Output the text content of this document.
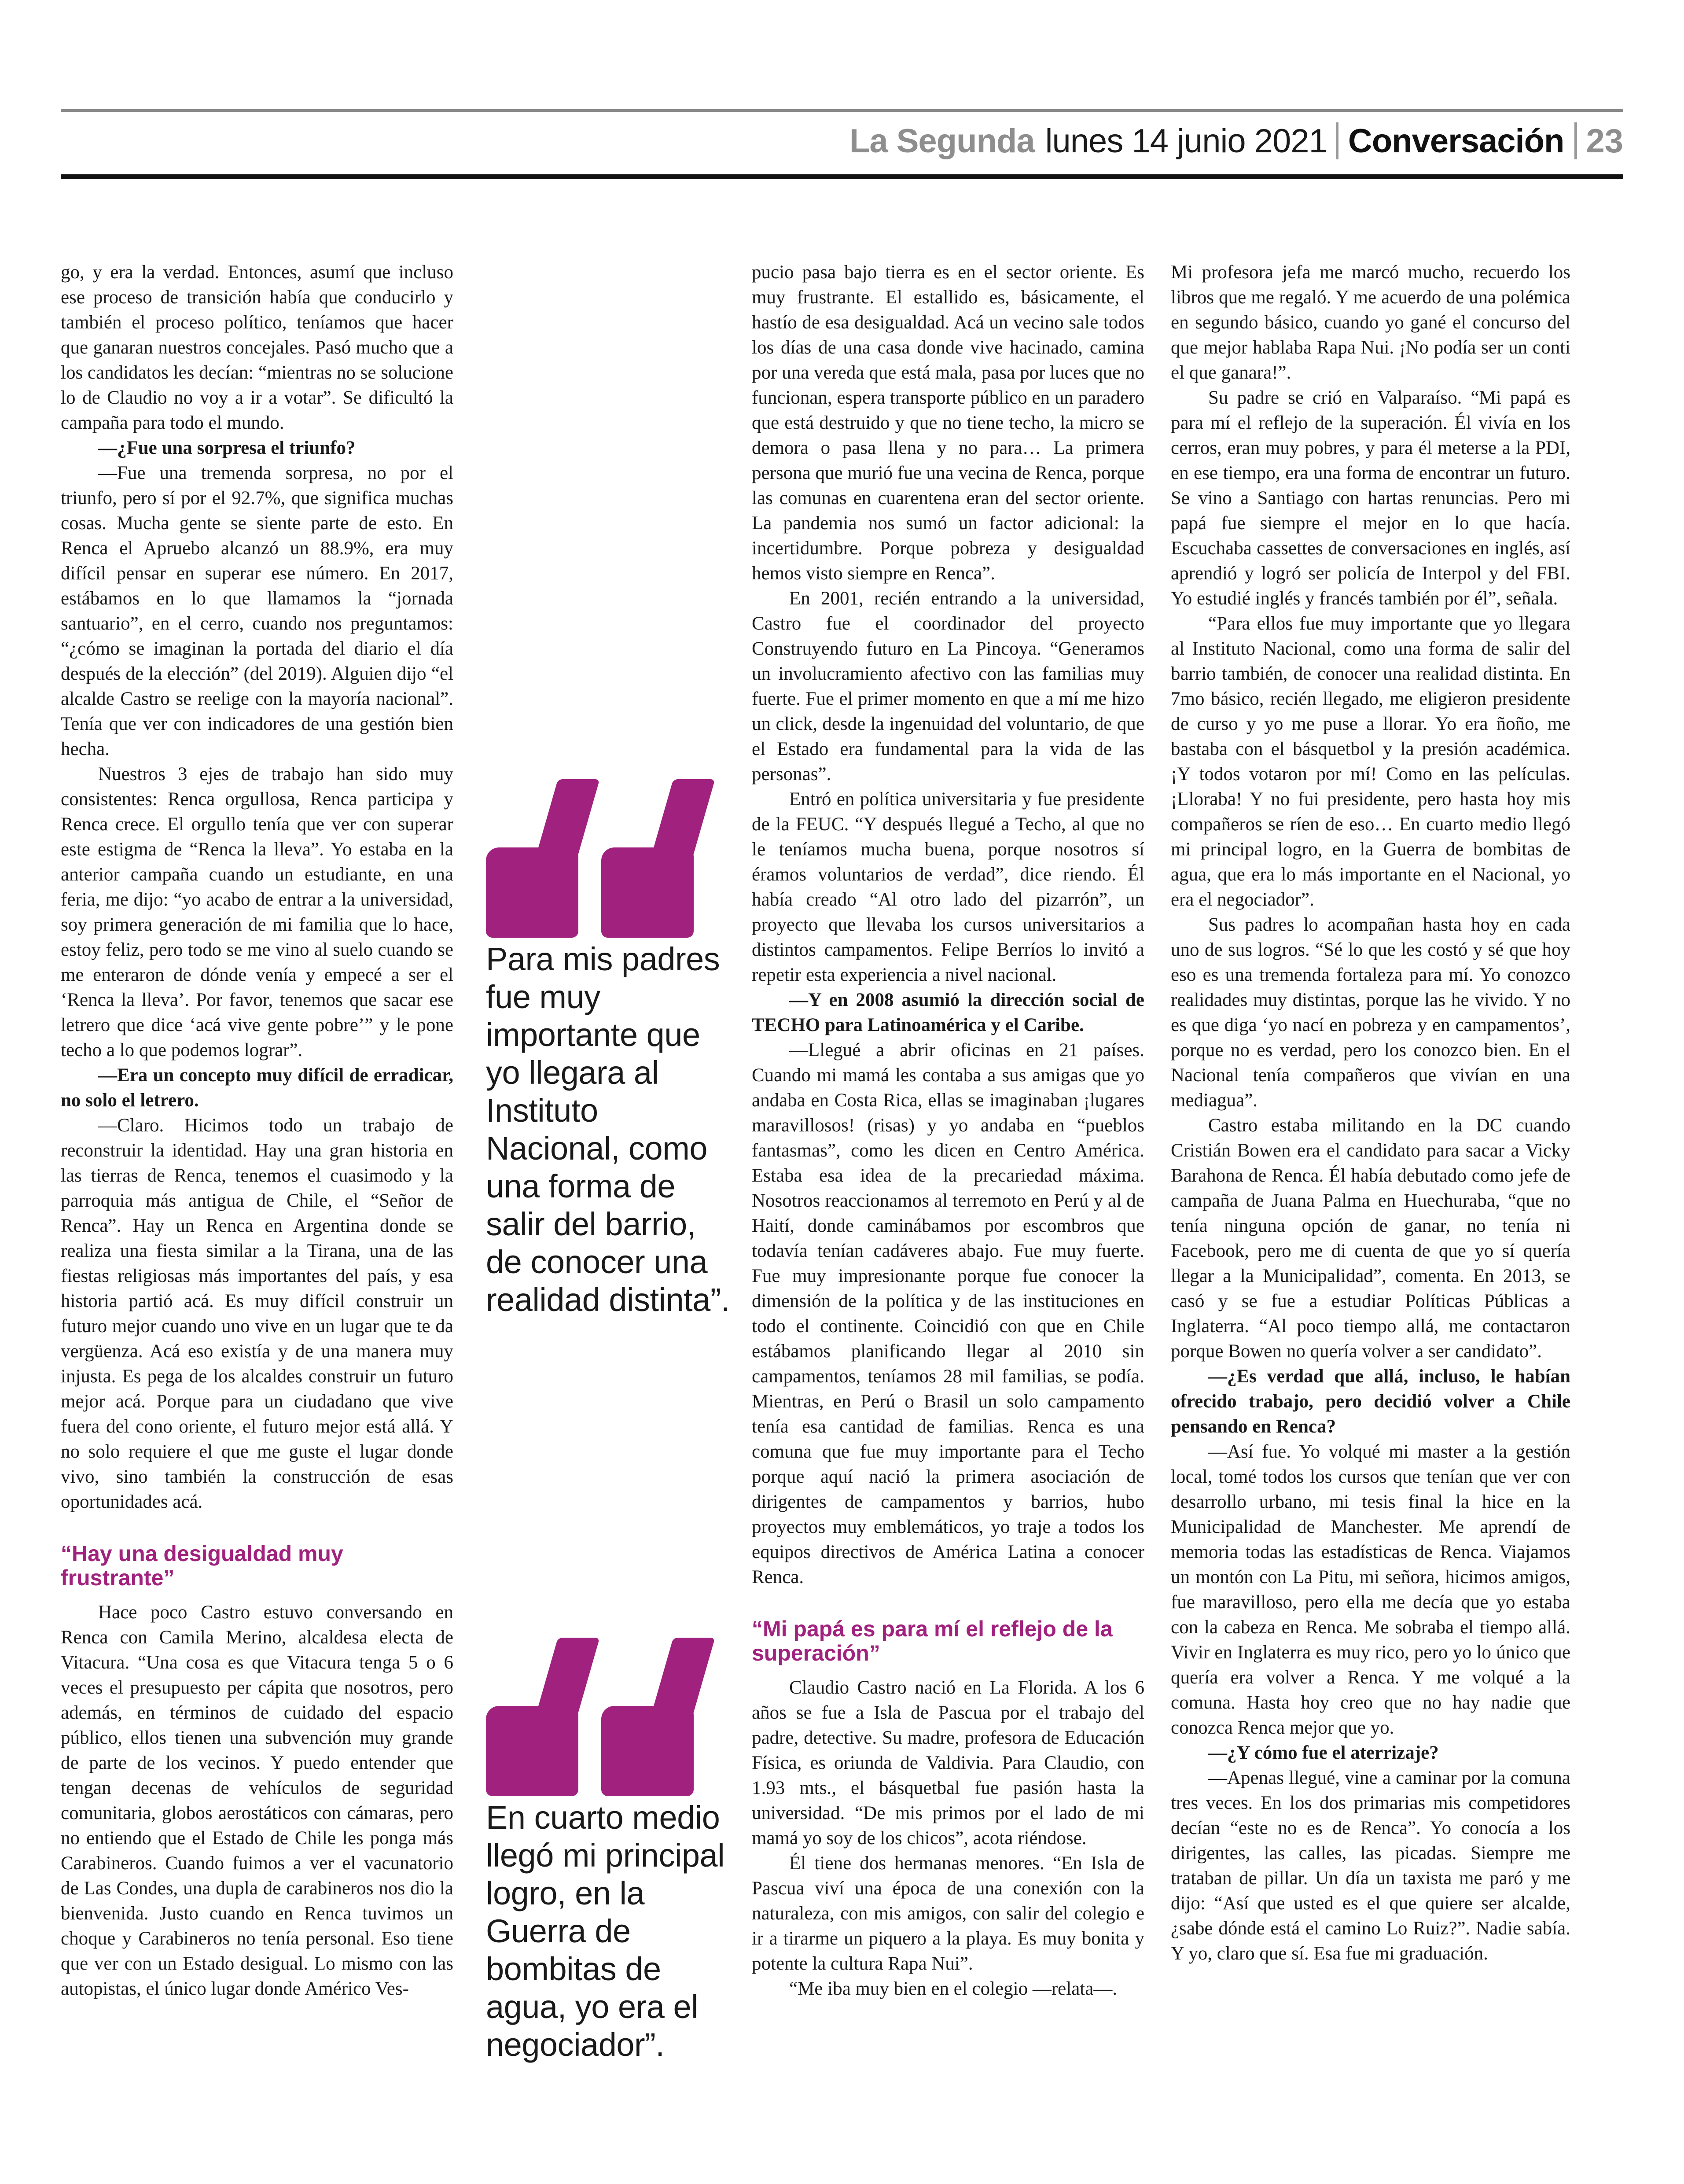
La Segunda lunes 14 junio 2021 Conversación 23

go, y era la verdad. Entonces, asumí que incluso ese proceso de transición había que conducirlo y también el proceso político, teníamos que hacer que ganaran nuestros concejales. Pasó mucho que a los candidatos les decían: “mientras no se solucione lo de Claudio no voy a ir a votar”. Se dificultó la campaña para todo el mundo.

—¿Fue una sorpresa el triunfo?

—Fue una tremenda sorpresa, no por el triunfo, pero sí por el 92.7%, que significa muchas cosas. Mucha gente se siente parte de esto. En Renca el Apruebo alcanzó un 88.9%, era muy difícil pensar en superar ese número. En 2017, estábamos en lo que llamamos la “jornada santuario”, en el cerro, cuando nos preguntamos: “¿cómo se imaginan la portada del diario el día después de la elección” (del 2019). Alguien dijo “el alcalde Castro se reelige con la mayoría nacional”. Tenía que ver con indicadores de una gestión bien hecha.

Nuestros 3 ejes de trabajo han sido muy consistentes: Renca orgullosa, Renca participa y Renca crece. El orgullo tenía que ver con superar este estigma de “Renca la lleva”. Yo estaba en la anterior campaña cuando un estudiante, en una feria, me dijo: “yo acabo de entrar a la universidad, soy primera generación de mi familia que lo hace, estoy feliz, pero todo se me vino al suelo cuando se me enteraron de dónde venía y empecé a ser el ‘Renca la lleva’. Por favor, tenemos que sacar ese letrero que dice ‘acá vive gente pobre’” y le pone techo a lo que podemos lograr”.

—Era un concepto muy difícil de erradicar, no solo el letrero.

—Claro. Hicimos todo un trabajo de reconstruir la identidad. Hay una gran historia en las tierras de Renca, tenemos el cuasimodo y la parroquia más antigua de Chile, el “Señor de Renca”. Hay un Renca en Argentina donde se realiza una fiesta similar a la Tirana, una de las fiestas religiosas más importantes del país, y esa historia partió acá. Es muy difícil construir un futuro mejor cuando uno vive en un lugar que te da vergüenza. Acá eso existía y de una manera muy injusta. Es pega de los alcaldes construir un futuro mejor acá. Porque para un ciudadano que vive fuera del cono oriente, el futuro mejor está allá. Y no solo requiere el que me guste el lugar donde vivo, sino también la construcción de esas oportunidades acá.

“Hay una desigualdad muy frustrante”

Hace poco Castro estuvo conversando en Renca con Camila Merino, alcaldesa electa de Vitacura. “Una cosa es que Vitacura tenga 5 o 6 veces el presupuesto per cápita que nosotros, pero además, en términos de cuidado del espacio público, ellos tienen una subvención muy grande de parte de los vecinos. Y puedo entender que tengan decenas de vehículos de seguridad comunitaria, globos aerostáticos con cámaras, pero no entiendo que el Estado de Chile les ponga más Carabineros. Cuando fuimos a ver el vacunatorio de Las Condes, una dupla de carabineros nos dio la bienvenida. Justo cuando en Renca tuvimos un choque y Carabineros no tenía personal. Eso tiene que ver con un Estado desigual. Lo mismo con las autopistas, el único lugar donde Américo Ves-

Para mis padres fue muy importante que yo llegara al Instituto Nacional, como una forma de salir del barrio, de conocer una realidad distinta”.
En cuarto medio llegó mi principal logro, en la Guerra de bombitas de agua, yo era el negociador”.

pucio pasa bajo tierra es en el sector oriente. Es muy frustrante. El estallido es, básicamente, el hastío de esa desigualdad. Acá un vecino sale todos los días de una casa donde vive hacinado, camina por una vereda que está mala, pasa por luces que no funcionan, espera transporte público en un paradero que está destruido y que no tiene techo, la micro se demora o pasa llena y no para… La primera persona que murió fue una vecina de Renca, porque las comunas en cuarentena eran del sector oriente. La pandemia nos sumó un factor adicional: la incertidumbre. Porque pobreza y desigualdad hemos visto siempre en Renca”.

En 2001, recién entrando a la universidad, Castro fue el coordinador del proyecto Construyendo futuro en La Pincoya. “Generamos un involucramiento afectivo con las familias muy fuerte. Fue el primer momento en que a mí me hizo un click, desde la ingenuidad del voluntario, de que el Estado era fundamental para la vida de las personas”.

Entró en política universitaria y fue presidente de la FEUC. “Y después llegué a Techo, al que no le teníamos mucha buena, porque nosotros sí éramos voluntarios de verdad”, dice riendo. Él había creado “Al otro lado del pizarrón”, un proyecto que llevaba los cursos universitarios a distintos campamentos. Felipe Berríos lo invitó a repetir esta experiencia a nivel nacional.

—Y en 2008 asumió la dirección social de TECHO para Latinoamérica y el Caribe.

—Llegué a abrir oficinas en 21 países. Cuando mi mamá les contaba a sus amigas que yo andaba en Costa Rica, ellas se imaginaban ¡lugares maravillosos! (risas) y yo andaba en “pueblos fantasmas”, como les dicen en Centro América. Estaba esa idea de la precariedad máxima. Nosotros reaccionamos al terremoto en Perú y al de Haití, donde caminábamos por escombros que todavía tenían cadáveres abajo. Fue muy fuerte. Fue muy impresionante porque fue conocer la dimensión de la política y de las instituciones en todo el continente. Coincidió con que en Chile estábamos planificando llegar al 2010 sin campamentos, teníamos 28 mil familias, se podía. Mientras, en Perú o Brasil un solo campamento tenía esa cantidad de familias. Renca es una comuna que fue muy importante para el Techo porque aquí nació la primera asociación de dirigentes de campamentos y barrios, hubo proyectos muy emblemáticos, yo traje a todos los equipos directivos de América Latina a conocer Renca.

“Mi papá es para mí el reflejo de la superación”

Claudio Castro nació en La Florida. A los 6 años se fue a Isla de Pascua por el trabajo del padre, detective. Su madre, profesora de Educación Física, es oriunda de Valdivia. Para Claudio, con 1.93 mts., el básquetbal fue pasión hasta la universidad. “De mis primos por el lado de mi mamá yo soy de los chicos”, acota riéndose.

Él tiene dos hermanas menores. “En Isla de Pascua viví una época de una conexión con la naturaleza, con mis amigos, con salir del colegio e ir a tirarme un piquero a la playa. Es muy bonita y potente la cultura Rapa Nui”.

“Me iba muy bien en el colegio —relata—.

Mi profesora jefa me marcó mucho, recuerdo los libros que me regaló. Y me acuerdo de una polémica en segundo básico, cuando yo gané el concurso del que mejor hablaba Rapa Nui. ¡No podía ser un conti el que ganara!”.

Su padre se crió en Valparaíso. “Mi papá es para mí el reflejo de la superación. Él vivía en los cerros, eran muy pobres, y para él meterse a la PDI, en ese tiempo, era una forma de encontrar un futuro. Se vino a Santiago con hartas renuncias. Pero mi papá fue siempre el mejor en lo que hacía. Escuchaba cassettes de conversaciones en inglés, así aprendió y logró ser policía de Interpol y del FBI. Yo estudié inglés y francés también por él”, señala.

“Para ellos fue muy importante que yo llegara al Instituto Nacional, como una forma de salir del barrio también, de conocer una realidad distinta. En 7mo básico, recién llegado, me eligieron presidente de curso y yo me puse a llorar. Yo era ñoño, me bastaba con el básquetbol y la presión académica. ¡Y todos votaron por mí! Como en las películas. ¡Lloraba! Y no fui presidente, pero hasta hoy mis compañeros se ríen de eso… En cuarto medio llegó mi principal logro, en la Guerra de bombitas de agua, que era lo más importante en el Nacional, yo era el negociador”.

Sus padres lo acompañan hasta hoy en cada uno de sus logros. “Sé lo que les costó y sé que hoy eso es una tremenda fortaleza para mí. Yo conozco realidades muy distintas, porque las he vivido. Y no es que diga ‘yo nací en pobreza y en campamentos’, porque no es verdad, pero los conozco bien. En el Nacional tenía compañeros que vivían en una mediagua”.

Castro estaba militando en la DC cuando Cristián Bowen era el candidato para sacar a Vicky Barahona de Renca. Él había debutado como jefe de campaña de Juana Palma en Huechuraba, “que no tenía ninguna opción de ganar, no tenía ni Facebook, pero me di cuenta de que yo sí quería llegar a la Municipalidad”, comenta. En 2013, se casó y se fue a estudiar Políticas Públicas a Inglaterra. “Al poco tiempo allá, me contactaron porque Bowen no quería volver a ser candidato”.

—¿Es verdad que allá, incluso, le habían ofrecido trabajo, pero decidió volver a Chile pensando en Renca?

—Así fue. Yo volqué mi master a la gestión local, tomé todos los cursos que tenían que ver con desarrollo urbano, mi tesis final la hice en la Municipalidad de Manchester. Me aprendí de memoria todas las estadísticas de Renca. Viajamos un montón con La Pitu, mi señora, hicimos amigos, fue maravilloso, pero ella me decía que yo estaba con la cabeza en Renca. Me sobraba el tiempo allá. Vivir en Inglaterra es muy rico, pero yo lo único que quería era volver a Renca. Y me volqué a la comuna. Hasta hoy creo que no hay nadie que conozca Renca mejor que yo.

—¿Y cómo fue el aterrizaje?

—Apenas llegué, vine a caminar por la comuna tres veces. En los dos primarias mis competidores decían “este no es de Renca”. Yo conocía a los dirigentes, las calles, las picadas. Siempre me trataban de pillar. Un día un taxista me paró y me dijo: “Así que usted es el que quiere ser alcalde, ¿sabe dónde está el camino Lo Ruiz?”. Nadie sabía. Y yo, claro que sí. Esa fue mi graduación.
